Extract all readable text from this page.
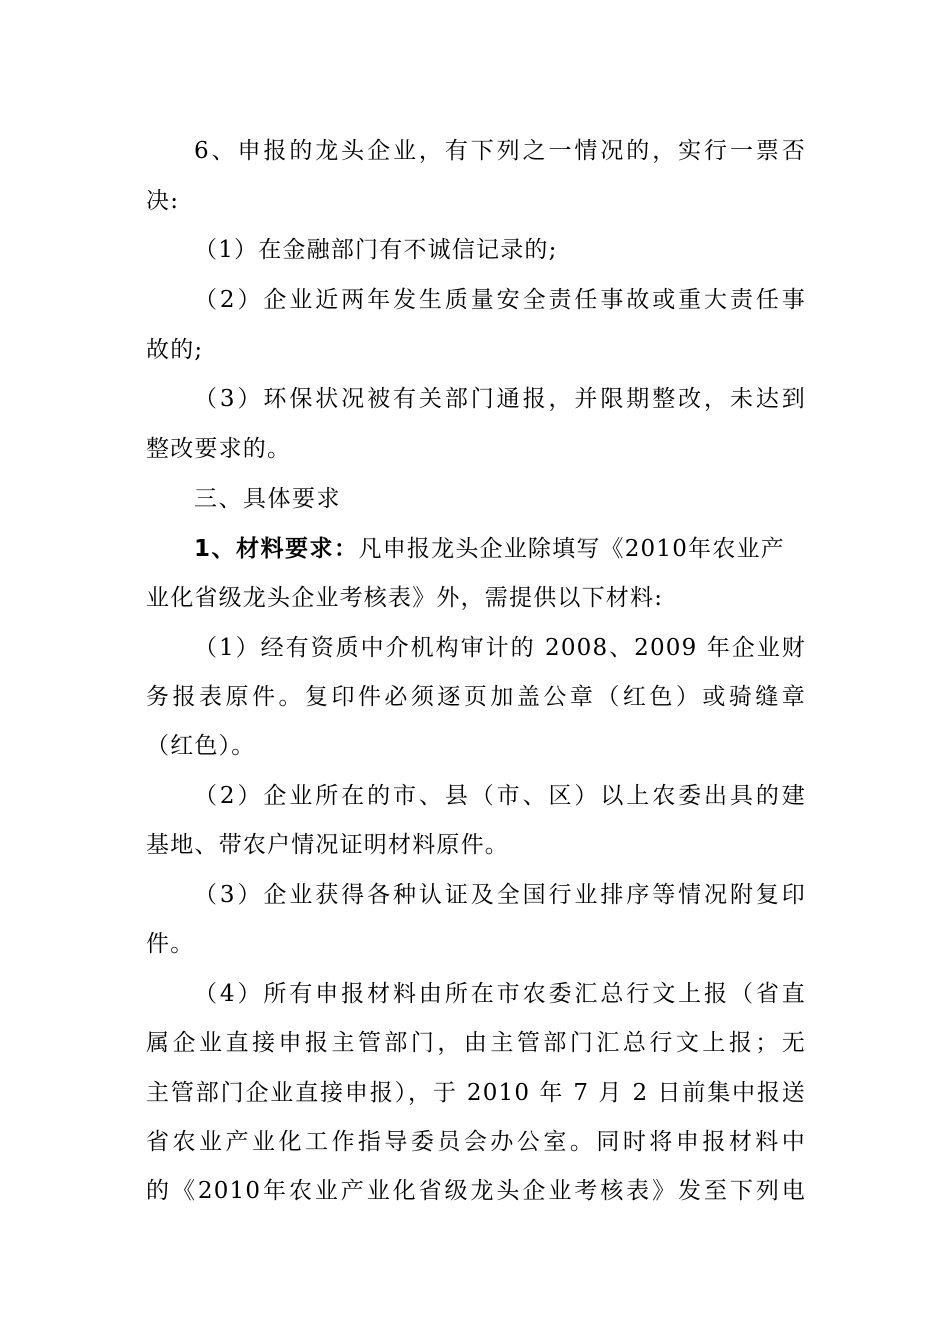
6、申报的龙头企业，有下列之一情况的，实行一票否
决:
（1）在金融部门有不诚信记录的;
（2）企业近两年发生质量安全责任事故或重大责任事
故的;
（3）环保状况被有关部门通报，并限期整改，未达到
整改要求的。
三、具体要求
1、材料要求：凡申报龙头企业除填写《2010年农业产
业化省级龙头企业考核表》外，需提供以下材料:
（1）经有资质中介机构审计的 2008、2009 年企业财
务报表原件。复印件必须逐页加盖公章（红色）或骑缝章
（红色）。
（2）企业所在的市、县（市、区）以上农委出具的建
基地、带农户情况证明材料原件。
（3）企业获得各种认证及全国行业排序等情况附复印
件。
（4）所有申报材料由所在市农委汇总行文上报（省直
属企业直接申报主管部门，由主管部门汇总行文上报；无
主管部门企业直接申报），于 2010 年 7 月 2 日前集中报送
省农业产业化工作指导委员会办公室。同时将申报材料中
的《2010年农业产业化省级龙头企业考核表》发至下列电
